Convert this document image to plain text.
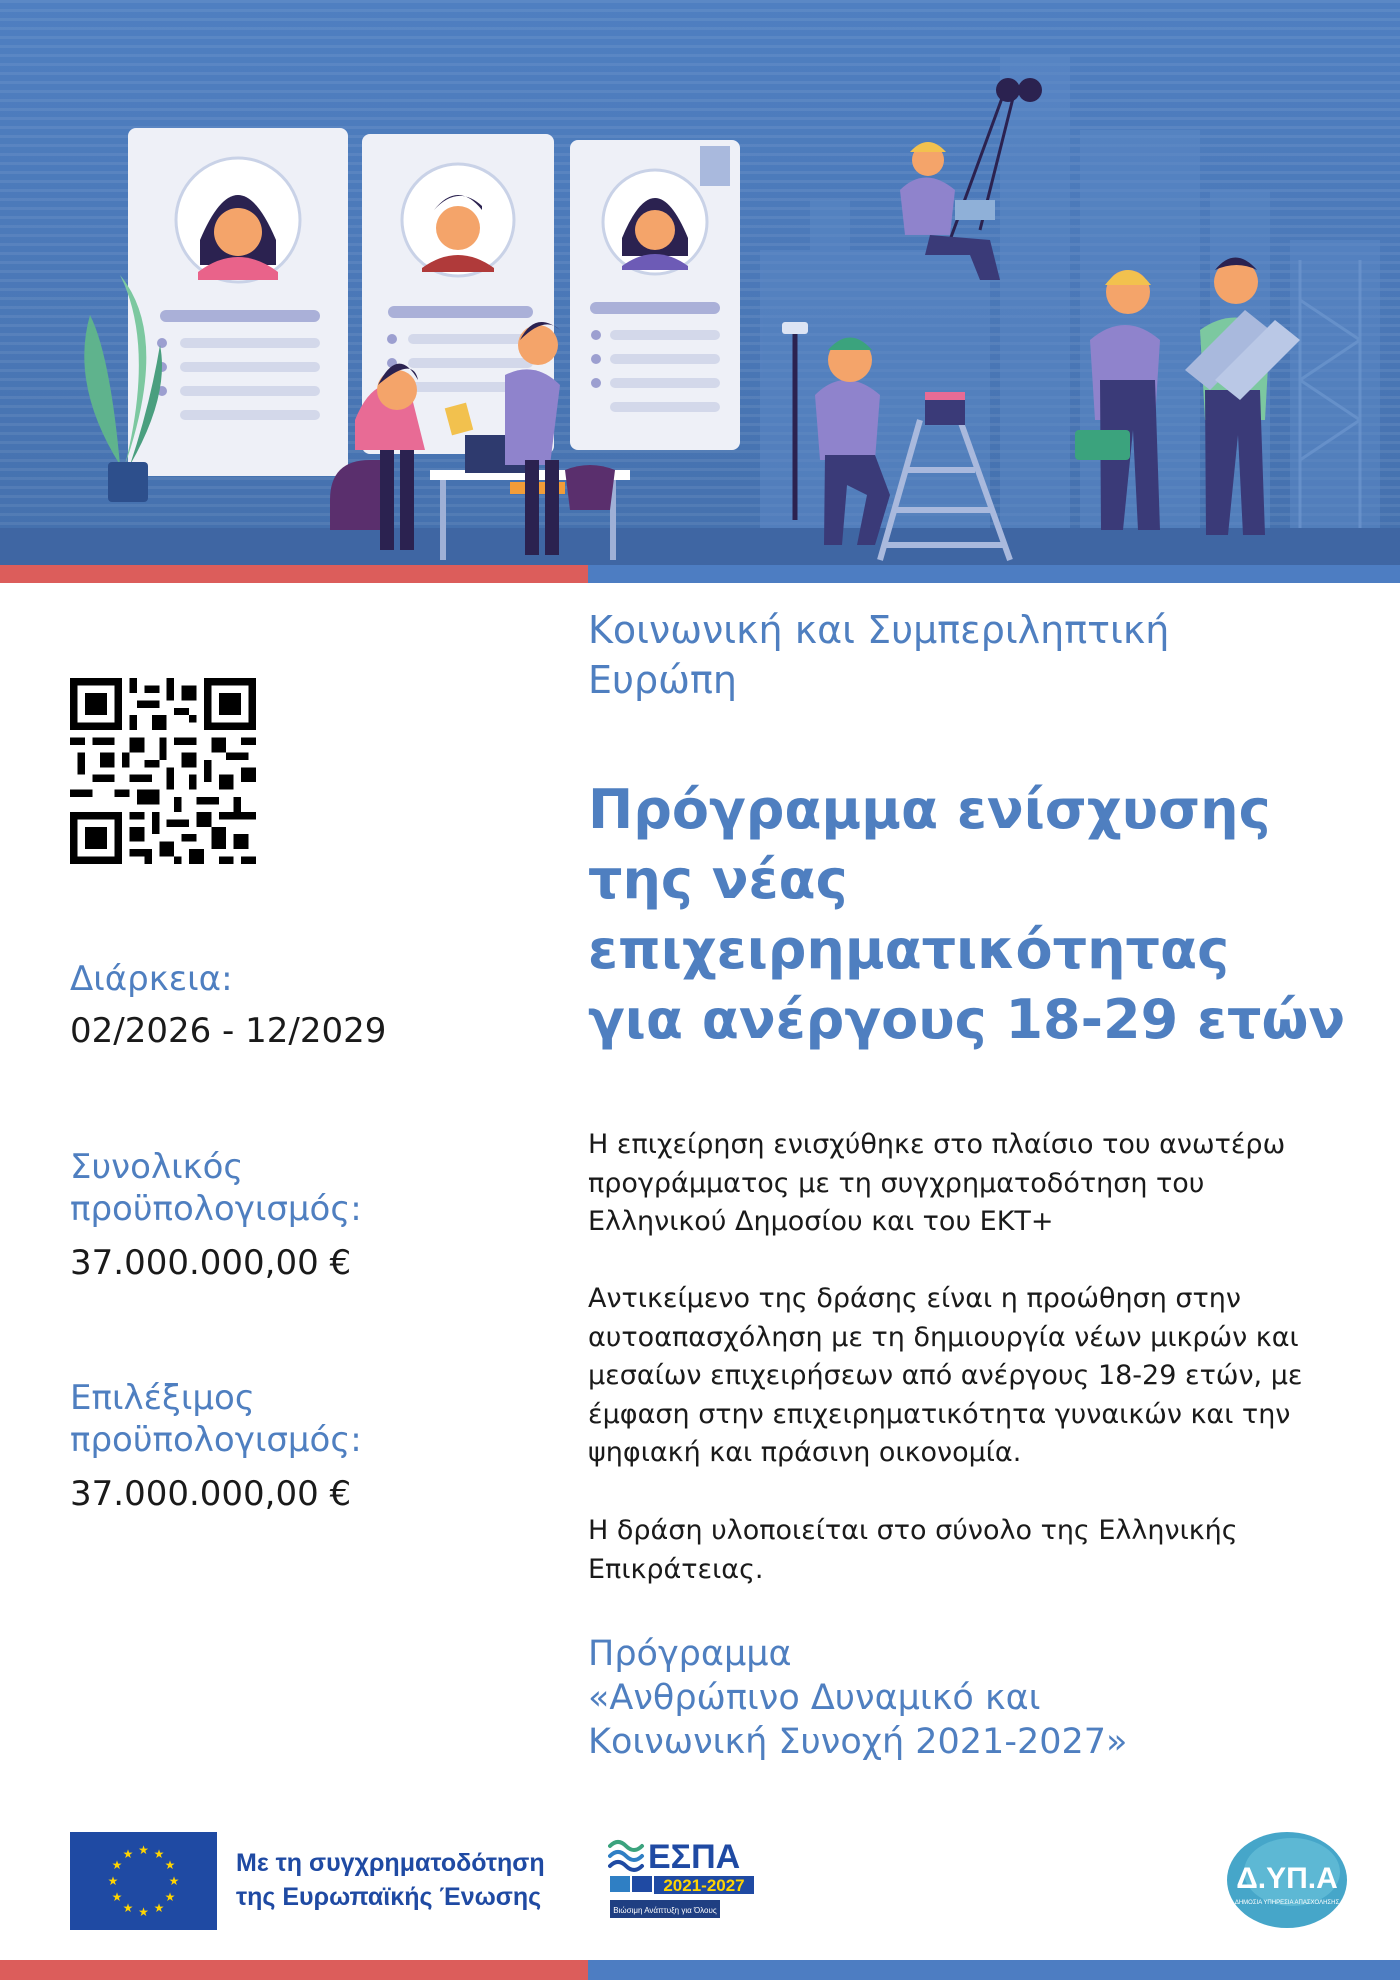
Διάρκεια:

02/2026 - 12/2029

Συνολικός
προϋπολογισμός:

37.000.000,00 €

Επιλέξιμος
προϋπολογισμός:

37.000.000,00 €

Κοινωνική και Συμπεριληπτική
Ευρώπη

Πρόγραμμα ενίσχυσης
της νέας
επιχειρηματικότητας
για ανέργους 18-29 ετών

Η επιχείρηση ενισχύθηκε στο πλαίσιο του ανωτέρω
προγράμματος με τη συγχρηματοδότηση του
Ελληνικού Δημοσίου και του ΕΚΤ+

Αντικείμενο της δράσης είναι η προώθηση στην
αυτοαπασχόληση με τη δημιουργία νέων μικρών και
μεσαίων επιχειρήσεων από ανέργους 18-29 ετών, με
έμφαση στην επιχειρηματικότητα γυναικών και την
ψηφιακή και πράσινη οικονομία.

Η δράση υλοποιείται στο σύνολο της Ελληνικής
Επικράτειας.

Πρόγραμμα
«Ανθρώπινο Δυναμικό και
Κοινωνική Συνοχή 2021-2027»

★ ★
★
★
★
★
★
★
★
★
★
★	Με τη συγχρηματοδότηση
της Ευρωπαϊκής Ένωσης

ΕΣΠΑ
2021-2027
Βιώσιμη Ανάπτυξη για Όλους
Δ.ΥΠ.Α
ΔΗΜΟΣΙΑ ΥΠΗΡΕΣΙΑ ΑΠΑΣΧΟΛΗΣΗΣ
